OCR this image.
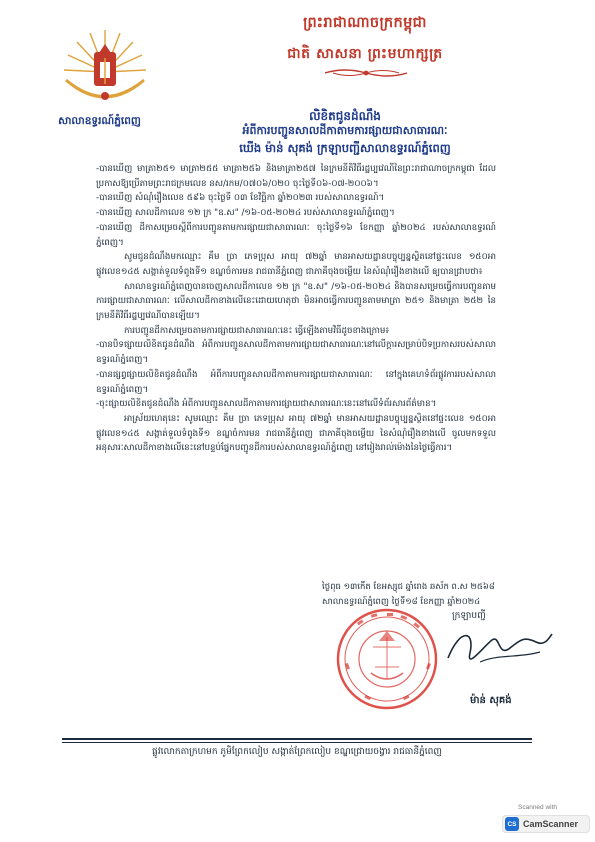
សាលាឧទ្ធរណ៍ភ្នំពេញ
ព្រះរាជាណាចក្រកម្ពុជា
ជាតិ សាសនា ព្រះមហាក្សត្រ
លិខិតជូនដំណឹង
អំពីការបញ្ជូនសាលដីកាតាមការផ្សាយជាសាធារណៈ
ឃើង ម៉ាន់ សុគង់ ក្រឡាបញ្ជីសាលាឧទ្ធរណ៍ភ្នំពេញ

-បានឃើញ មាត្រា២៥១ មាត្រា២៥៥ មាត្រា២៥៦ និងមាត្រា២៥៧ នៃក្រមនីតិវិធីរដ្ឋប្បវេណីនៃព្រះរាជាណាចក្រកម្ពុជា ដែលប្រកាសឱ្យប្រើតាមព្រះរាជក្រមលេខ នស/រកម/០៧០៦/០២០ ចុះថ្ងៃទី០៦-០៧-២០០៦។

-បានឃើញ សំណុំរឿងលេខ ៥៩៦ ចុះថ្ងៃទី ០៣ ខែវិច្ឆិកា ឆ្នាំ២០២៣ របស់សាលាឧទ្ធរណ៍។

-បានឃើញ សាលដីកាលេខ ១២ ក្រ "ឧ.ស" /១៦-០៥-២០២៤ របស់សាលាឧទ្ធរណ៍ភ្នំពេញ។

-បានឃើញ ដីកាសម្រេចស្តីពីការបញ្ជូនតាមការផ្សាយជាសាធារណៈ ចុះថ្ងៃទី១៦ ខែកញ្ញា ឆ្នាំ២០២៤ របស់សាលាឧទ្ធរណ៍ភ្នំពេញ។

សូមជូនដំណឹងមកឈ្មោះ គឹម ច្រា ភេទប្រុស អាយុ ៧២ឆ្នាំ មានអាសយដ្ឋានបច្ចុប្បន្នស្ថិតនៅផ្ទះលេខ ១៥០អា ផ្លូវលេខ១៤៥ សង្កាត់ទួលទំពូងទី១ ខណ្ឌចំការមន រាជធានីភ្នំពេញ ជាភាគីចុងចម្លើយ នៃសំណុំរឿងខាងលើ ឲ្យបានជ្រាបថា៖

សាលាឧទ្ធរណ៍ភ្នំពេញបានចេញសាលដីកាលេខ ១២ ក្រ "ឧ.ស" /១៦-០៥-២០២៤ និងបានសម្រេចធ្វើការបញ្ជូនតាមការផ្សាយជាសាធារណៈ លើសាលដីកាខាងលើនេះដោយហេតុថា មិនអាចធ្វើការបញ្ជូនតាមមាត្រា ២៥១ និងមាត្រា ២៥២ នៃក្រមនីតិវិធីរដ្ឋប្បវេណីបានឡើយ។

ការបញ្ជូនដីកាសម្រេចតាមការផ្សាយជាសាធារណៈនេះ ធ្វើឡើងតាមវិធីដូចខាងក្រោម៖

-បានបិទផ្សាយលិខិតជូនដំណឹង អំពីការបញ្ជូនសាលដីកាតាមការផ្សាយជាសាធារណៈនៅលើក្ដារសម្រាប់បិទប្រកាសរបស់សាលាឧទ្ធរណ៍ភ្នំពេញ។

-បានផ្សព្វផ្សាយលិខិតជូនដំណឹង អំពីការបញ្ជូនសាលដីកាតាមការផ្សាយជាសាធារណៈ នៅក្នុងគេហទំព័រផ្លូវការរបស់សាលាឧទ្ធរណ៍ភ្នំពេញ។

-ចុះផ្សាយលិខិតជូនដំណឹង អំពីការបញ្ជូនសាលដីកាតាមការផ្សាយជាសាធារណៈនេះនៅលើទំព័រសារព័ត៌មាន។

អាស្រ័យហេតុនេះ សូមឈ្មោះ គឹម ច្រា ភេទប្រុស អាយុ ៧២ឆ្នាំ មានអាសយដ្ឋានបច្ចុប្បន្នស្ថិតនៅផ្ទះលេខ ១៥០អា ផ្លូវលេខ១៤៥ សង្កាត់ទួលទំពូងទី១ ខណ្ឌចំការមន រាជធានីភ្នំពេញ ជាភាគីចុងចម្លើយ នៃសំណុំរឿងខាងលើ ចូលមកទទួលអនុសារៈសាលដីកាខាងលើនេះនៅបន្ទប់ផ្នែកបញ្ជូនដីការបស់សាលាឧទ្ធរណ៍ភ្នំពេញ នៅរៀងរាល់ម៉ោងនៃថ្ងៃធ្វើការ។

ថ្ងៃពុធ ១៣កើត ខែអស្សុជ ឆ្នាំរោង ឆស័ក ព.ស ២៥៦៨
សាលាឧទ្ធរណ៍ភ្នំពេញ ថ្ងៃទី១៨ ខែកញ្ញា ឆ្នាំ២០២៤
ក្រឡាបញ្ជី
ម៉ាន់ សុគង់
ផ្លូវលោកតាក្រហមក ភូមិព្រែកលៀប សង្កាត់ព្រែកលៀប ខណ្ឌជ្រោយចង្វារ រាជធានីភ្នំពេញ
Scanned with
CS CamScanner
